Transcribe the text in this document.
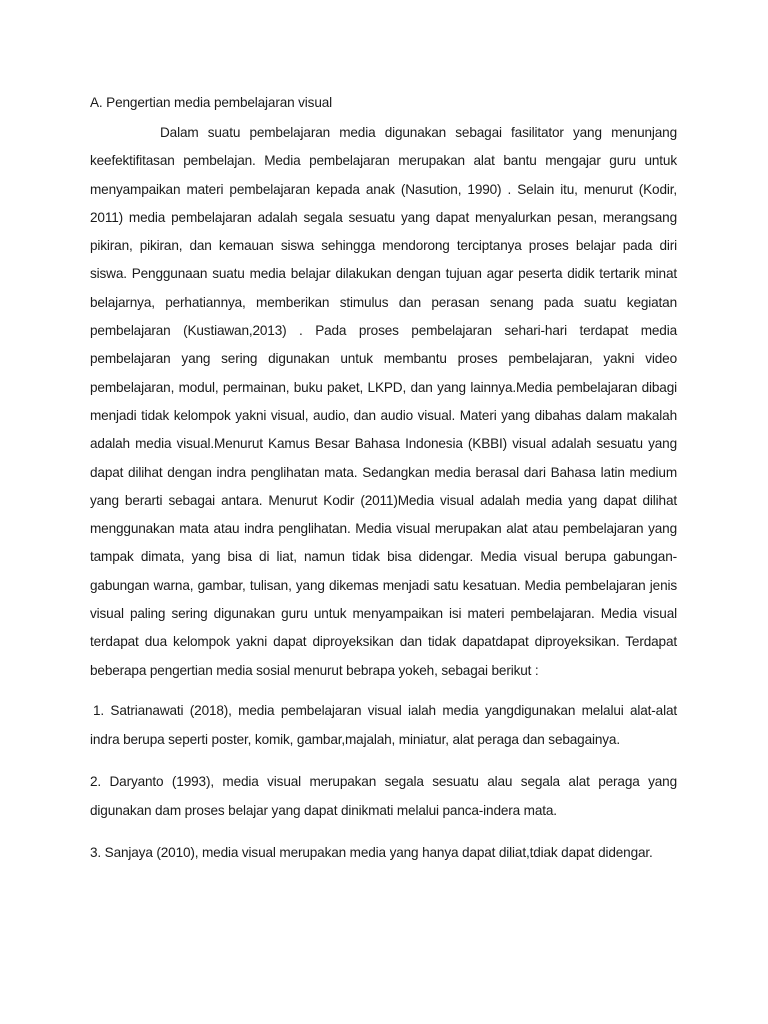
A. Pengertian media pembelajaran visual

Dalam suatu pembelajaran media digunakan sebagai fasilitator yang menunjang keefektifitasan pembelajan. Media pembelajaran merupakan alat bantu mengajar guru untuk menyampaikan materi pembelajaran kepada anak (Nasution, 1990) . Selain itu, menurut (Kodir, 2011) media pembelajaran adalah segala sesuatu yang dapat menyalurkan pesan, merangsang pikiran, pikiran, dan kemauan siswa sehingga mendorong terciptanya proses belajar pada diri siswa. Penggunaan suatu media belajar dilakukan dengan tujuan agar peserta didik tertarik minat belajarnya, perhatiannya, memberikan stimulus dan perasan senang pada suatu kegiatan pembelajaran (Kustiawan,2013) . Pada proses pembelajaran sehari-hari terdapat media pembelajaran yang sering digunakan untuk membantu proses pembelajaran, yakni video pembelajaran, modul, permainan, buku paket, LKPD, dan yang lainnya.Media pembelajaran dibagi menjadi tidak kelompok yakni visual, audio, dan audio visual. Materi yang dibahas dalam makalah adalah media visual.Menurut Kamus Besar Bahasa Indonesia (KBBI) visual adalah sesuatu yang dapat dilihat dengan indra penglihatan mata. Sedangkan media berasal dari Bahasa latin medium yang berarti sebagai antara. Menurut Kodir (2011)Media visual adalah media yang dapat dilihat menggunakan mata atau indra penglihatan. Media visual merupakan alat atau pembelajaran yang tampak dimata, yang bisa di liat, namun tidak bisa didengar. Media visual berupa gabungan-gabungan warna, gambar, tulisan, yang dikemas menjadi satu kesatuan. Media pembelajaran jenis visual paling sering digunakan guru untuk menyampaikan isi materi pembelajaran. Media visual terdapat dua kelompok yakni dapat diproyeksikan dan tidak dapatdapat diproyeksikan. Terdapat beberapa pengertian media sosial menurut bebrapa yokeh, sebagai berikut :

1. Satrianawati (2018), media pembelajaran visual ialah media yangdigunakan melalui alat-alat indra berupa seperti poster, komik, gambar,majalah, miniatur, alat peraga dan sebagainya.
2. Daryanto (1993), media visual merupakan segala sesuatu alau segala alat peraga yang digunakan dam proses belajar yang dapat dinikmati melalui panca-indera mata.
3. Sanjaya (2010), media visual merupakan media yang hanya dapat diliat,tdiak dapat didengar.
